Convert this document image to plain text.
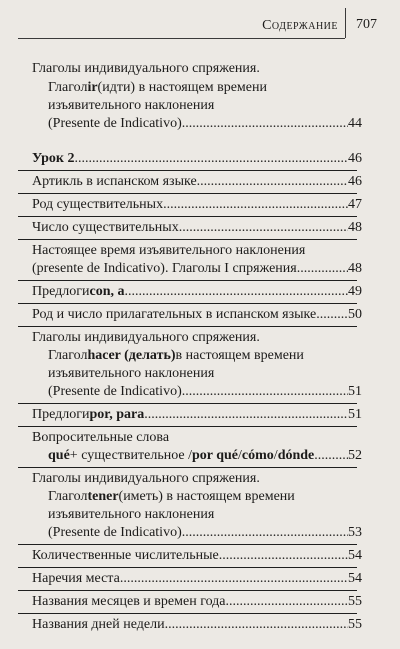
Содержание 707
Глаголы индивидуального спряжения.
Глагол ir (идти) в настоящем времени
изъявительного наклонения
(Presente de Indicativo) .....	44
Урок 2 .....	46
Артикль в испанском языке .....	46
Род существительных .....	47
Число существительных .....	48
Настоящее время изъявительного наклонения
(presente de Indicativo). Глаголы I спряжения .....	48
Предлоги con, a .....	49
Род и число прилагательных в испанском языке ..... 50
Глаголы индивидуального спряжения.
Глагол hacer (делать) в настоящем времени
изъявительного наклонения
(Presente de Indicativo) .....	51
Предлоги por, para .....	51
Вопросительные слова
qué + существительное / por qué / cómo / dónde ..... 52
Глаголы индивидуального спряжения.
Глагол tener (иметь) в настоящем времени
изъявительного наклонения
(Presente de Indicativo) .....	53
Количественные числительные .....	54
Наречия места .....	54
Названия месяцев и времен года .....	55
Названия дней недели .....	55
